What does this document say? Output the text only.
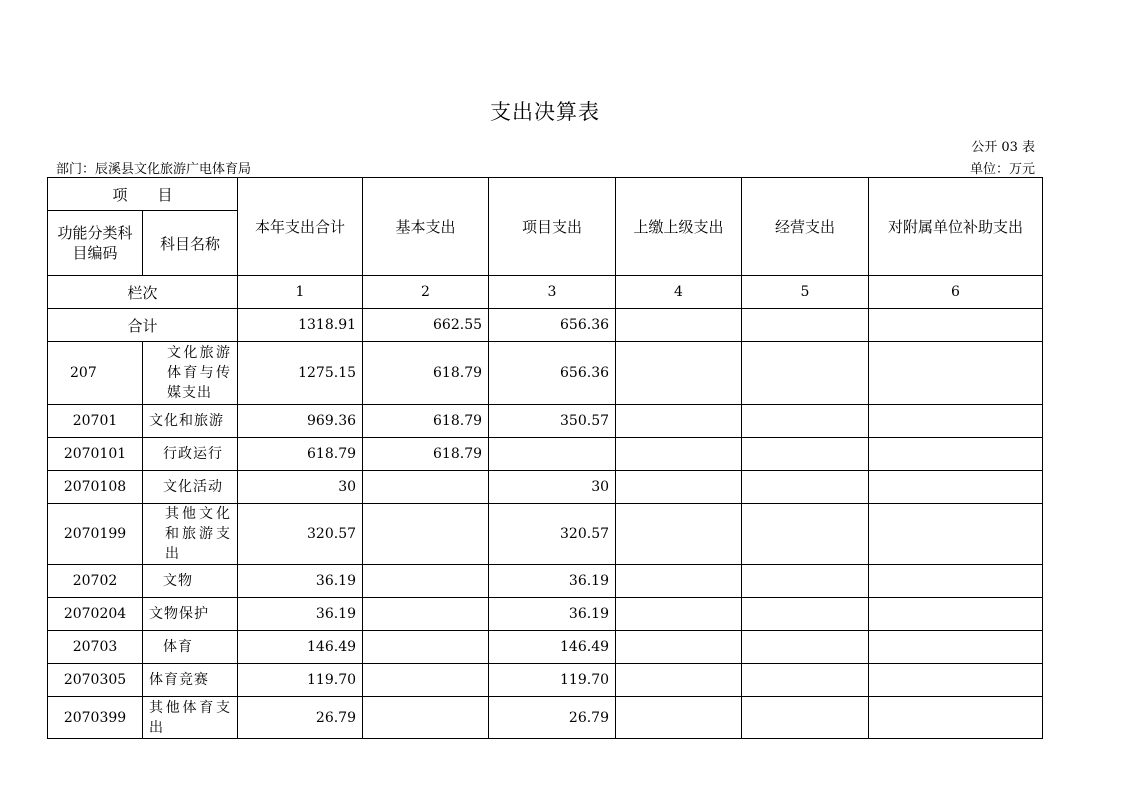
支出决算表
公开 03 表
部门：辰溪县文化旅游广电体育局	单位：万元
项　　目		本年支出合计	基本支出	项目支出	上缴上级支出	经营支出	对附属单位补助支出
功能分类科目编码	科目名称						
栏次		1	2	3	4	5	6
合计		1318.91	662.55	656.36			
207	文化旅游体育与传媒支出	1275.15	618.79	656.36			
20701	文化和旅游	969.36	618.79	350.57			
2070101	行政运行	618.79	618.79				
2070108	文化活动	30		30			
2070199	其他文化和旅游支出	320.57		320.57			
20702	文物	36.19		36.19			
2070204	文物保护	36.19		36.19			
20703	体育	146.49		146.49			
2070305	体育竞赛	119.70		119.70			
2070399	其他体育支出	26.79		26.79			
